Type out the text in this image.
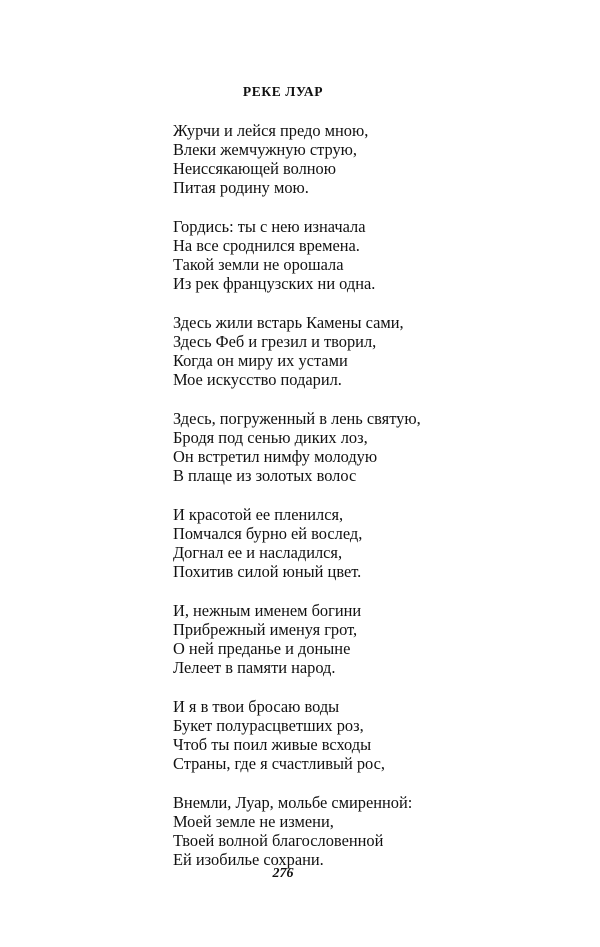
РЕКЕ ЛУАР
Журчи и лейся предо мною,
Влеки жемчужную струю,
Неиссякающей волною
Питая родину мою.
Гордись: ты с нею изначала
На все сроднился времена.
Такой земли не орошала
Из рек французских ни одна.
Здесь жили встарь Камены сами,
Здесь Феб и грезил и творил,
Когда он миру их устами
Мое искусство подарил.
Здесь, погруженный в лень святую,
Бродя под сенью диких лоз,
Он встретил нимфу молодую
В плаще из золотых волос
И красотой ее пленился,
Помчался бурно ей вослед,
Догнал ее и насладился,
Похитив силой юный цвет.
И, нежным именем богини
Прибрежный именуя грот,
О ней преданье и доныне
Лелеет в памяти народ.
И я в твои бросаю воды
Букет полурасцветших роз,
Чтоб ты поил живые всходы
Страны, где я счастливый рос,
Внемли, Луар, мольбе смиренной:
Моей земле не измени,
Твоей волной благословенной
Ей изобилье сохрани.
276
